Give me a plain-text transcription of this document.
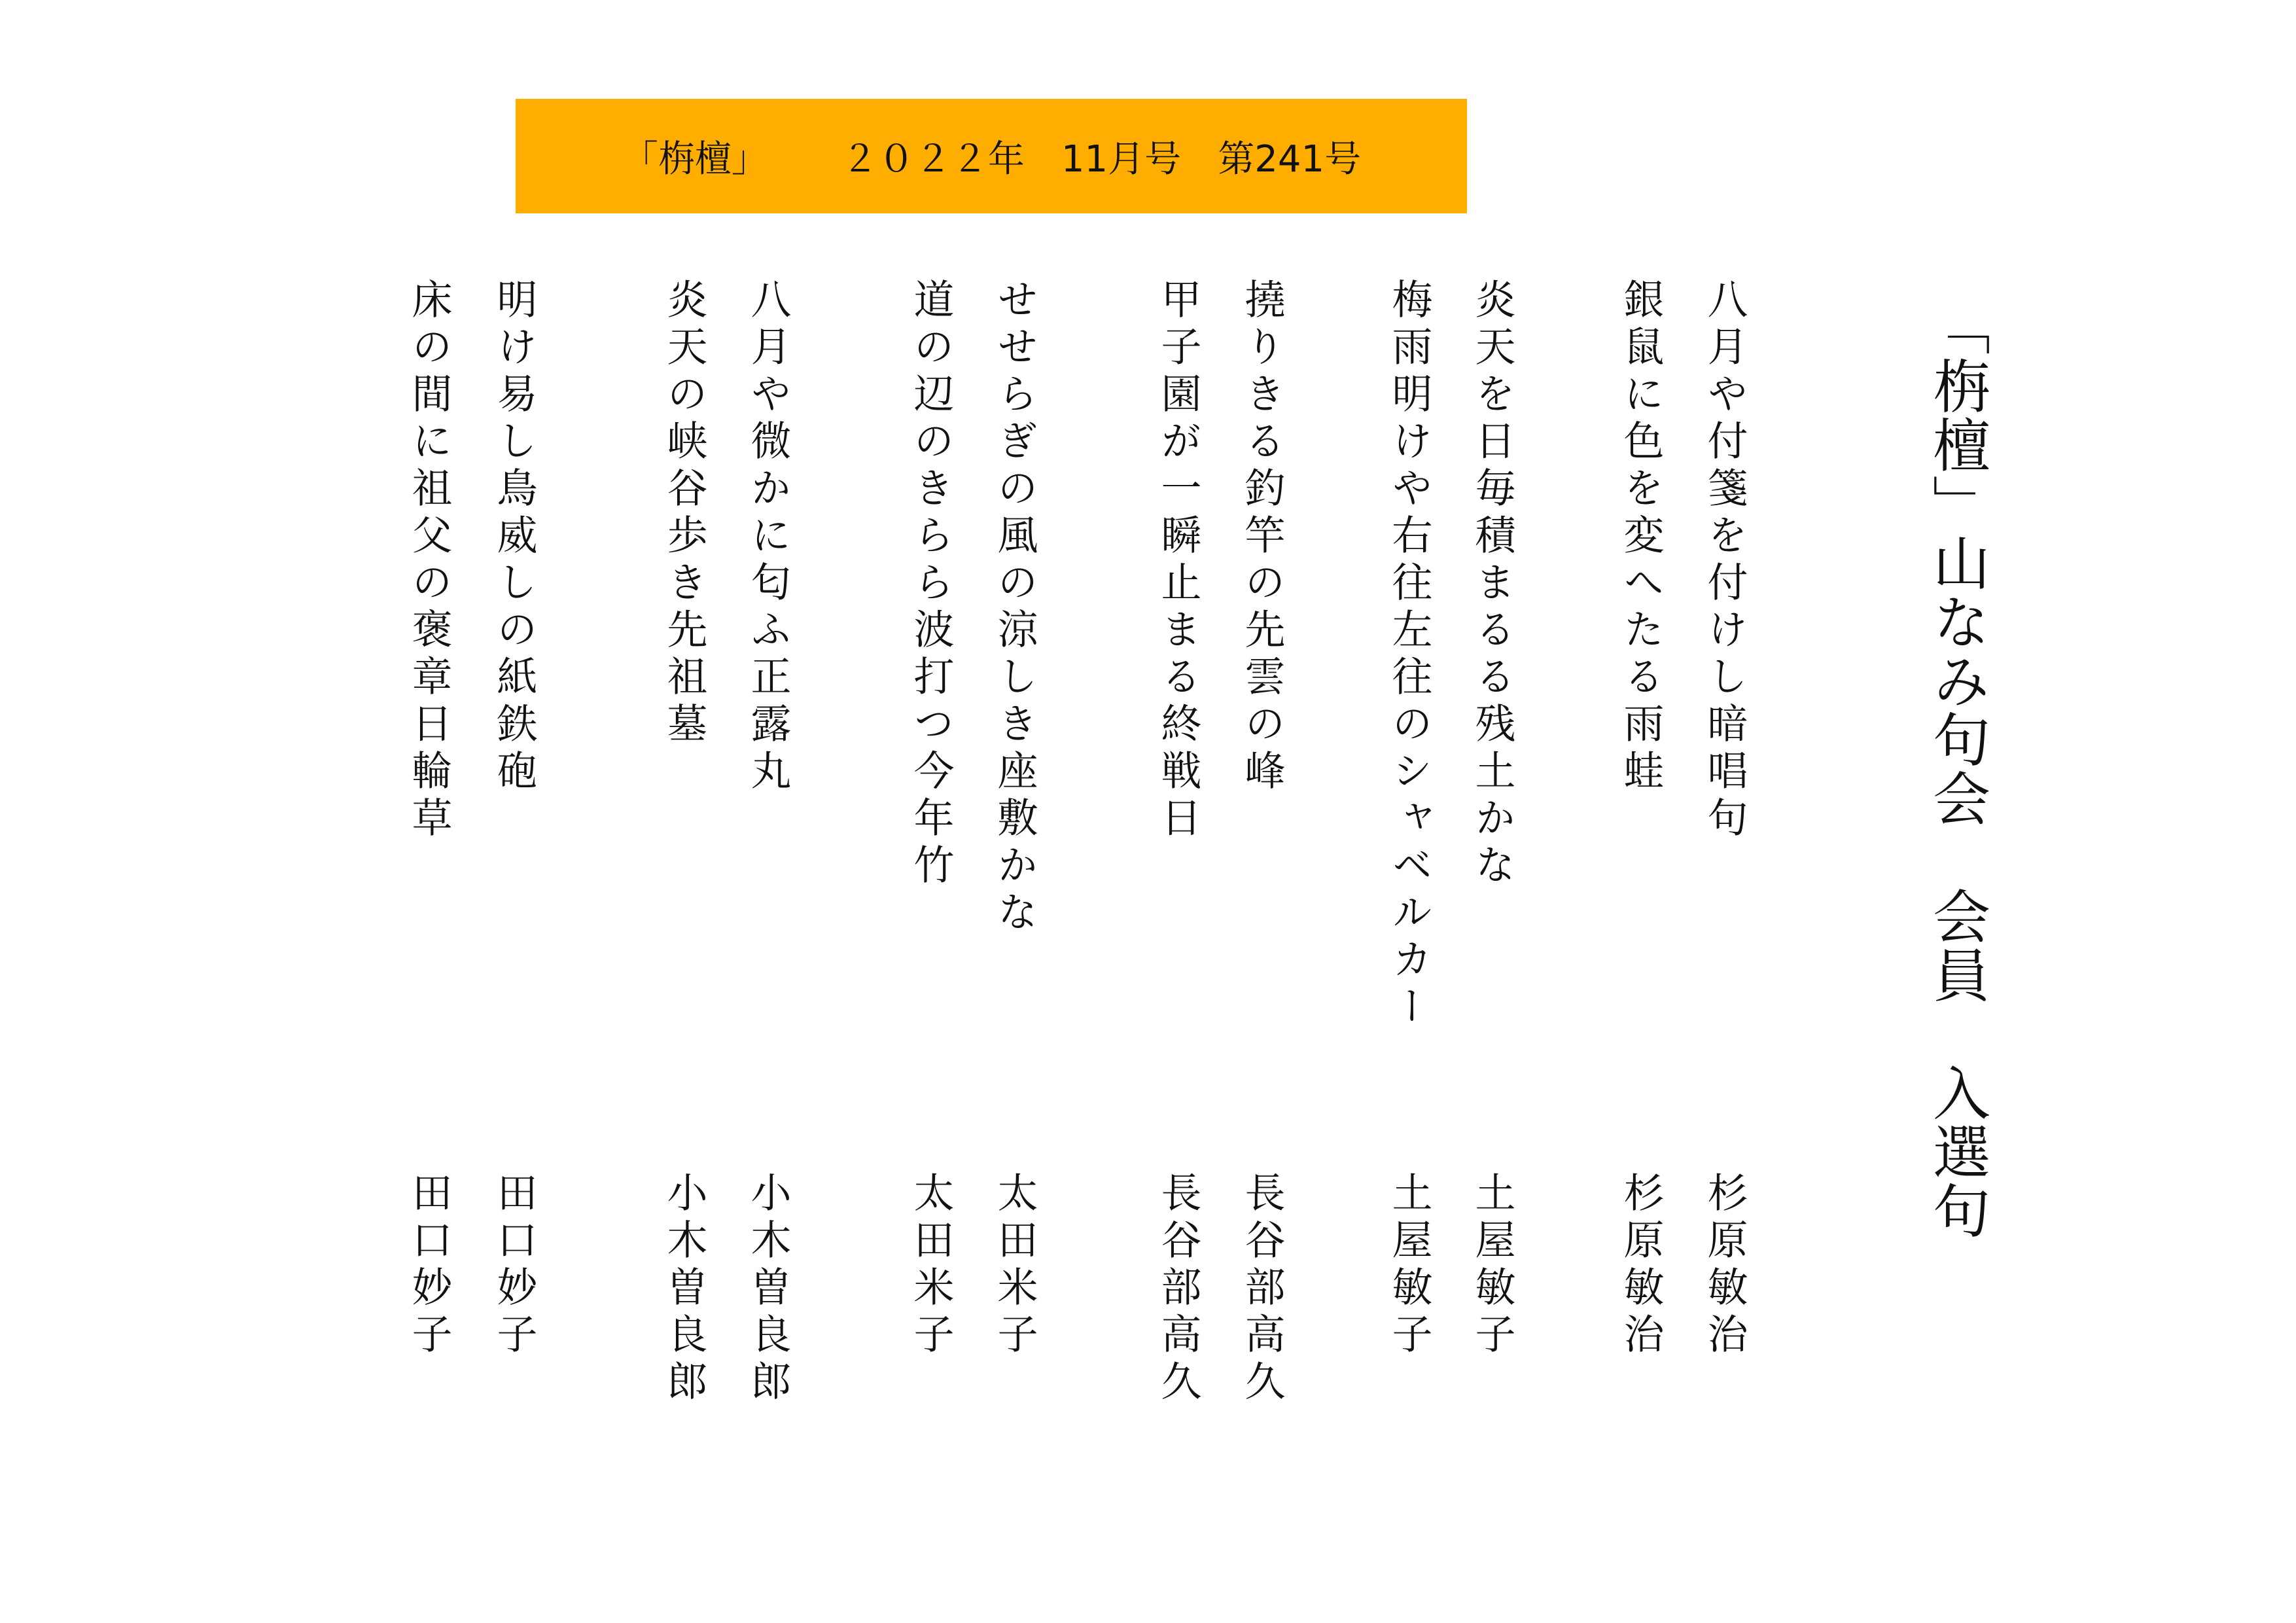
「栴檀」
　　 ２０２２年
　 11月号
　 第241号
「栴檀」山なみ句会　会員　入選句
八月や付箋を付けし暗唱句
杉原敏治
銀鼠に色を変へたる雨蛙
杉原敏治
炎天を日毎積まるる残土かな
土屋敏子
梅雨明けや右往左往のシャベルカー
土屋敏子
撓りきる釣竿の先雲の峰
長谷部高久
甲子園が一瞬止まる終戦日
長谷部高久
せせらぎの風の涼しき座敷かな
太田米子
道の辺のきらら波打つ今年竹
太田米子
八月や微かに匂ふ正露丸
小木曽良郎
炎天の峡谷歩き先祖墓
小木曽良郎
明け易し鳥威しの紙鉄砲
田口妙子
床の間に祖父の褒章日輪草
田口妙子
